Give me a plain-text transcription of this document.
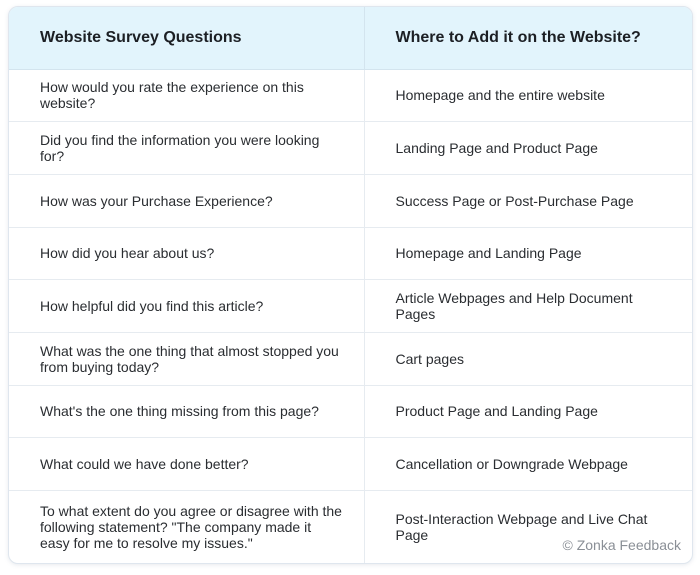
Website Survey Questions	Where to Add it on the Website?
How would you rate the experience on this website?	Homepage and the entire website
Did you find the information you were looking for?	Landing Page and Product Page
How was your Purchase Experience?	Success Page or Post-Purchase Page
How did you hear about us?	Homepage and Landing Page
How helpful did you find this article?	Article Webpages and Help Document Pages
What was the one thing that almost stopped you from buying today?	Cart pages
What's the one thing missing from this page?	Product Page and Landing Page
What could we have done better?	Cancellation or Downgrade Webpage
To what extent do you agree or disagree with the following statement? "The company made it easy for me to resolve my issues."	Post-Interaction Webpage and Live Chat Page
© Zonka Feedback
